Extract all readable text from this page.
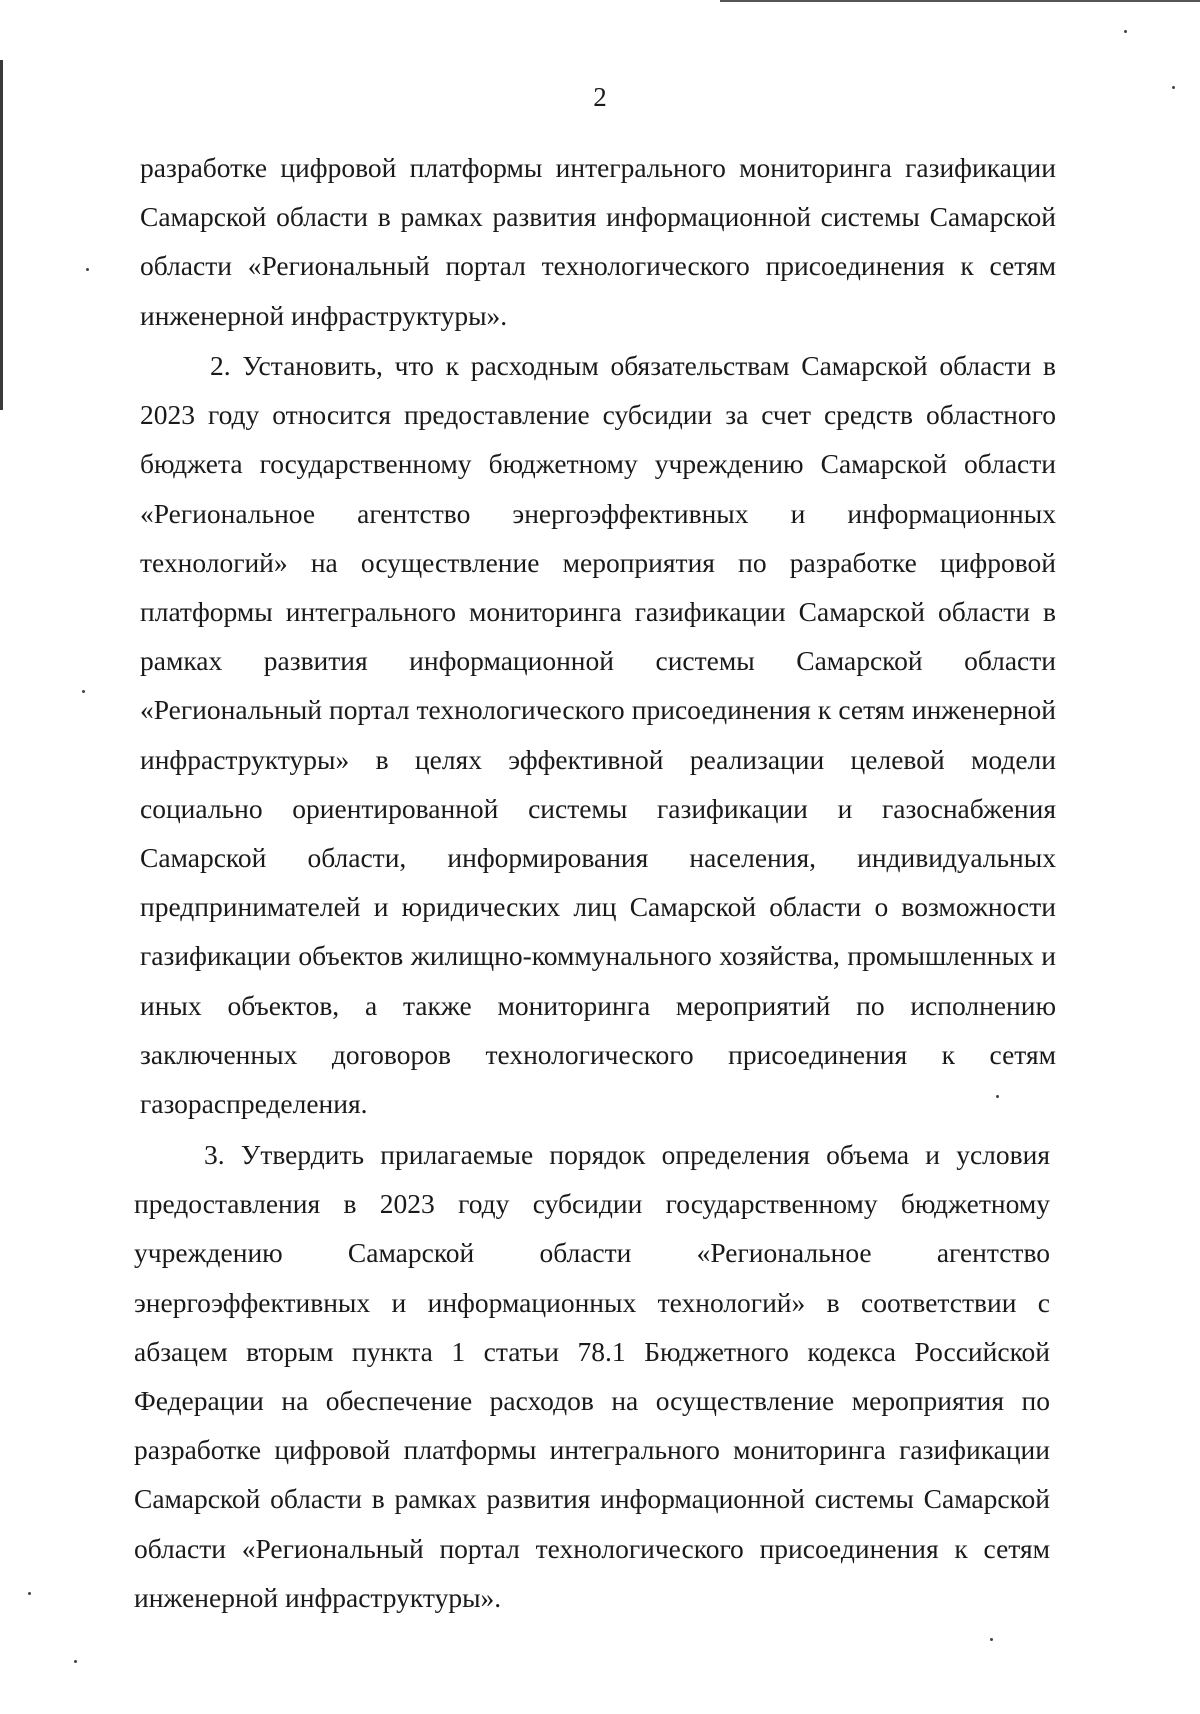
2

разработке цифровой платформы интегрального мониторинга газификации Самарской области в рамках развития информационной системы Самарской области «Региональный портал технологического присоединения к сетям инженерной инфраструктуры».

2. Установить, что к расходным обязательствам Самарской области в 2023 году относится предоставление субсидии за счет средств областного бюджета государственному бюджетному учреждению Самарской области «Региональное агентство энергоэффективных и информационных технологий» на осуществление мероприятия по разработке цифровой платформы интегрального мониторинга газификации Самарской области в рамках развития информационной системы Самарской области «Региональный портал технологического присоединения к сетям инженерной инфраструктуры» в целях эффективной реализации целевой модели социально ориентированной системы газификации и газоснабжения Самарской области, информирования населения, индивидуальных предпринимателей и юридических лиц Самарской области о возможности газификации объектов жилищно-коммунального хозяйства, промышленных и иных объектов, а также мониторинга мероприятий по исполнению заключенных договоров технологического присоединения к сетям газораспределения.

3. Утвердить прилагаемые порядок определения объема и условия предоставления в 2023 году субсидии государственному бюджетному учреждению Самарской области «Региональное агентство энергоэффективных и информационных технологий» в соответствии с абзацем вторым пункта 1 статьи 78.1 Бюджетного кодекса Российской Федерации на обеспечение расходов на осуществление мероприятия по разработке цифровой платформы интегрального мониторинга газификации Самарской области в рамках развития информационной системы Самарской области «Региональный портал технологического присоединения к сетям инженерной инфраструктуры».
